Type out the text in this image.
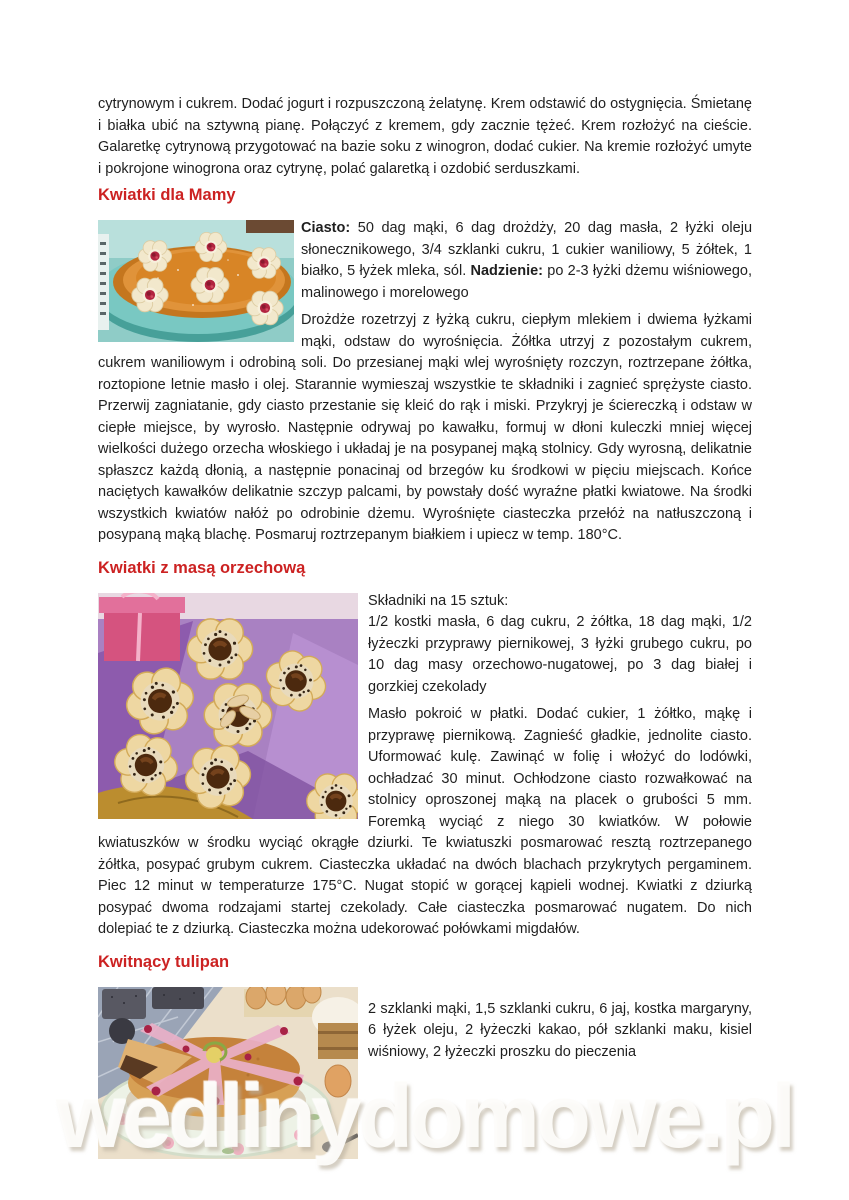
cytrynowym i cukrem. Dodać jogurt i rozpuszczoną żelatynę. Krem odstawić do ostygnięcia. Śmietanę i białka ubić na sztywną pianę. Połączyć z kremem, gdy zacznie tężeć. Krem rozłożyć na cieście. Galaretkę cytrynową przygotować na bazie soku z winogron, dodać cukier. Na kremie rozłożyć umyte i pokrojone winogrona oraz cytrynę, polać galaretką i ozdobić serduszkami.

Kwiatki dla Mamy

Ciasto: 50 dag mąki, 6 dag drożdży, 20 dag masła, 2 łyżki oleju słonecznikowego, 3/4 szklanki cukru, 1 cukier waniliowy, 5 żółtek, 1 białko, 5 łyżek mleka, sól. Nadzienie: po 2-3 łyżki dżemu wiśniowego, malinowego i morelowego

Drożdże rozetrzyj z łyżką cukru, ciepłym mlekiem i dwiema łyżkami mąki, odstaw do wyrośnięcia. Żółtka utrzyj z pozostałym cukrem, cukrem waniliowym i odrobiną soli. Do przesianej mąki wlej wyrośnięty rozczyn, roztrzepane żółtka, roztopione letnie masło i olej. Starannie wymieszaj wszystkie te składniki i zagnieć sprężyste ciasto. Przerwij zagniatanie, gdy ciasto przestanie się kleić do rąk i miski. Przykryj je ściereczką i odstaw w ciepłe miejsce, by wyrosło. Następnie odrywaj po kawałku, formuj w dłoni kuleczki mniej więcej wielkości dużego orzecha włoskiego i układaj je na posypanej mąką stolnicy. Gdy wyrosną, delikatnie spłaszcz każdą dłonią, a następnie ponacinaj od brzegów ku środkowi w pięciu miejscach. Końce naciętych kawałków delikatnie szczyp palcami, by powstały dość wyraźne płatki kwiatowe. Na środki wszystkich kwiatów nałóż po odrobinie dżemu. Wyrośnięte ciasteczka przełóż na natłuszczoną i posypaną mąką blachę. Posmaruj roztrzepanym białkiem i upiecz w temp. 180°C.

Kwiatki z masą orzechową

Składniki na 15 sztuk:
1/2 kostki masła, 6 dag cukru, 2 żółtka, 18 dag mąki, 1/2 łyżeczki przyprawy piernikowej, 3 łyżki grubego cukru, po 10 dag masy orzechowo-nugatowej, po 3 dag białej i gorzkiej czekolady

Masło pokroić w płatki. Dodać cukier, 1 żółtko, mąkę i przyprawę piernikową. Zagnieść gładkie, jednolite ciasto. Uformować kulę. Zawinąć w folię i włożyć do lodówki, ochładzać 30 minut. Ochłodzone ciasto rozwałkować na stolnicy oproszonej mąką na placek o grubości 5 mm. Foremką wyciąć z niego 30 kwiatków. W połowie kwiatuszków w środku wyciąć okrągłe dziurki. Te kwiatuszki posmarować resztą roztrzepanego żółtka, posypać grubym cukrem. Ciasteczka układać na dwóch blachach przykrytych pergaminem. Piec 12 minut w temperaturze 175°C. Nugat stopić w gorącej kąpieli wodnej. Kwiatki z dziurką posypać dwoma rodzajami startej czekolady. Całe ciasteczka posmarować nugatem. Do nich dolepiać te z dziurką. Ciasteczka można udekorować połówkami migdałów.

Kwitnący tulipan

2 szklanki mąki, 1,5 szklanki cukru, 6 jaj, kostka margaryny, 6 łyżek oleju, 2 łyżeczki kakao, pół szklanki maku, kisiel wiśniowy, 2 łyżeczki proszku do pieczenia

wedlinydomowe.pl
